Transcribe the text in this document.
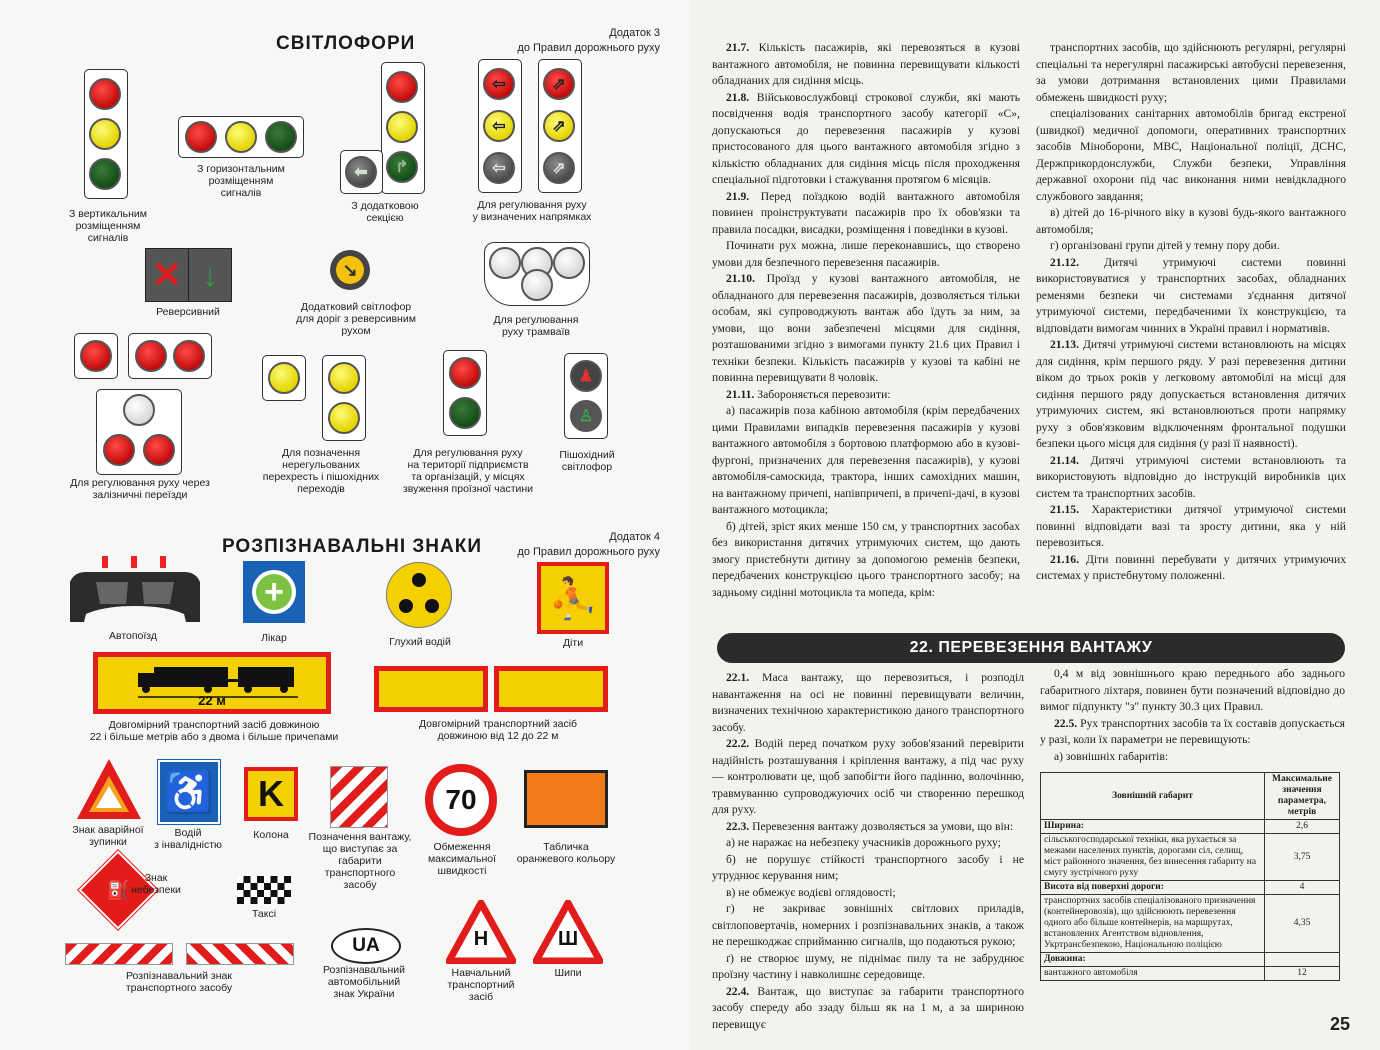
СВІТЛОФОРИ	Додаток 3
до Правил дорожнього руху
З вертикальним
розміщенням
сигналів
З горизонтальним
розміщенням
сигналів
↱
⬅
З додатковою
секцією
⇦
⇦
⇦
⇗
⇗
⇗
Для регулювання руху
у визначених напрямках
✕ ↓
Реверсивний
↘
Додатковий світлофор
для доріг з реверсивним
рухом
Для регулювання
руху трамваїв
Для регулювання руху через
залізничні переїзди
Для позначення
нерегульованих
перехресть і пішохідних
переходів
Для регулювання руху
на території підприємств
та організацій, у місцях
звуження проїзної частини
♟
♙
Пішохідний
світлофор
РОЗПІЗНАВАЛЬНІ ЗНАКИ	Додаток 4
до Правил дорожнього руху
Автопоїзд
+
Лікар	Глухий водій
⛹
Діти
22 м
Довгомірний транспортний засіб довжиною
22 і більше метрів або з двома і більше причепами
Довгомірний транспортний засіб
довжиною від 12 до 22 м
Знак аварійної
зупинки
♿
Водій
з інвалідністю
K
Колона	Позначення вантажу,
що виступає за
габарити
транспортного
засобу
70
Обмеження
максимальної
швидкості
Табличка
оранжевого кольору
⛽
Знак
небезпеки
Таксі
Розпізнавальний знак
транспортного засобу
UA
Розпізнавальний
автомобільний
знак України
Н
Навчальний
транспортний
засіб
Ш
Шипи

21.7. Кількість пасажирів, які перевозяться в кузові вантажного автомобіля, не повинна перевищувати кількості обладнаних для сидіння місць.

21.8. Військовослужбовці строкової служби, які мають посвідчення водія транспортного засобу категорії «С», допускаються до перевезення пасажирів у кузові пристосованого для цього вантажного автомобіля згідно з кількістю обладнаних для сидіння місць після проходження спеціальної підготовки і стажування протягом 6 місяців.

21.9. Перед поїздкою водій вантажного автомобіля повинен проінструктувати пасажирів про їх обов'язки та правила посадки, висадки, розміщення і поведінки в кузові.

Починати рух можна, лише переконавшись, що створено умови для безпечного перевезення пасажирів.

21.10. Проїзд у кузові вантажного автомобіля, не обладнаного для перевезення пасажирів, дозволяється тільки особам, які супроводжують вантаж або їдуть за ним, за умови, що вони забезпечені місцями для сидіння, розташованими згідно з вимогами пункту 21.6 цих Правил і техніки безпеки. Кількість пасажирів у кузові та кабіні не повинна перевищувати 8 чоловік.

21.11. Забороняється перевозити:

а) пасажирів поза кабіною автомобіля (крім передбачених цими Правилами випадків перевезення пасажирів у кузові вантажного автомобіля з бортовою платформою або в кузові-фургоні, призначених для перевезення пасажирів), у кузові автомобіля-самоскида, трактора, інших самохідних машин, на вантажному причепі, напівпричепі, в причепі-дачі, в кузові вантажного мотоцикла;

б) дітей, зріст яких менше 150 см, у транспортних засобах без використання дитячих утримуючих систем, що дають змогу пристебнути дитину за допомогою ременів безпеки, передбачених конструкцією цього транспортного засобу; на задньому сидінні мотоцикла та мопеда, крім:

транспортних засобів, що здійснюють регулярні, регулярні спеціальні та нерегулярні пасажирські автобусні перевезення, за умови дотримання встановлених цими Правилами обмежень швидкості руху;

спеціалізованих санітарних автомобілів бригад екстреної (швидкої) медичної допомоги, оперативних транспортних засобів Міноборони, МВС, Національної поліції, ДСНС, Держприкордонслужби, Служби безпеки, Управління державної охорони під час виконання ними невідкладного службового завдання;

в) дітей до 16-річного віку в кузові будь-якого вантажного автомобіля;

г) організовані групи дітей у темну пору доби.

21.12. Дитячі утримуючі системи повинні використовуватися у транспортних засобах, обладнаних ременями безпеки чи системами з'єднання дитячої утримуючої системи, передбаченими їх конструкцією, та відповідати вимогам чинних в Україні правил і нормативів.

21.13. Дитячі утримуючі системи встановлюють на місцях для сидіння, крім першого ряду. У разі перевезення дитини віком до трьох років у легковому автомобілі на місці для сидіння першого ряду допускається встановлення дитячих утримуючих систем, які встановлюються проти напрямку руху з обов'язковим відключенням фронтальної подушки безпеки цього місця для сидіння (у разі її наявності).

21.14. Дитячі утримуючі системи встановлюють та використовують відповідно до інструкцій виробників цих систем та транспортних засобів.

21.15. Характеристики дитячої утримуючої системи повинні відповідати вазі та зросту дитини, яка у ній перевозиться.

21.16. Діти повинні перебувати у дитячих утримуючих системах у пристебнутому положенні.

22. ПЕРЕВЕЗЕННЯ ВАНТАЖУ

22.1. Маса вантажу, що перевозиться, і розподіл навантаження на осі не повинні перевищувати величин, визначених технічною характеристикою даного транспортного засобу.

22.2. Водій перед початком руху зобов'язаний перевірити надійність розташування і кріплення вантажу, а під час руху — контролювати це, щоб запобігти його падінню, волочінню, травмуванню супроводжуючих осіб чи створенню перешкод для руху.

22.3. Перевезення вантажу дозволяється за умови, що він:

а) не наражає на небезпеку учасників дорожнього руху;

б) не порушує стійкості транспортного засобу і не утруднює керування ним;

в) не обмежує водієві оглядовості;

г) не закриває зовнішніх світлових приладів, світлоповертачів, номерних і розпізнавальних знаків, а також не перешкоджає сприйманню сигналів, що подаються рукою;

ґ) не створює шуму, не піднімає пилу та не забруднює проїзну частину і навколишнє середовище.

22.4. Вантаж, що виступає за габарити транспортного засобу спереду або ззаду більш як на 1 м, а за шириною перевищує

0,4 м від зовнішнього краю переднього або заднього габаритного ліхтаря, повинен бути позначений відповідно до вимог підпункту "з" пункту 30.3 цих Правил.

22.5. Рух транспортних засобів та їх составів допускається у разі, коли їх параметри не перевищують:

а) зовнішніх габаритів:

Зовнішній габарит	Максимальне значення параметра, метрів
Ширина:	2,6
сільськогосподарської техніки, яка рухається за межами населених пунктів, дорогами сіл, селищ, міст районного значення, без винесення габариту на смугу зустрічного руху	3,75
Висота від поверхні дороги:	4
транспортних засобів спеціалізованого призначення (контейнеровозів), що здійснюють перевезення одного або більше контейнерів, на маршрутах, встановлених Агентством відновлення, Укртрансбезпекою, Національною поліцією	4,35
Довжина:	
вантажного автомобіля	12
25
